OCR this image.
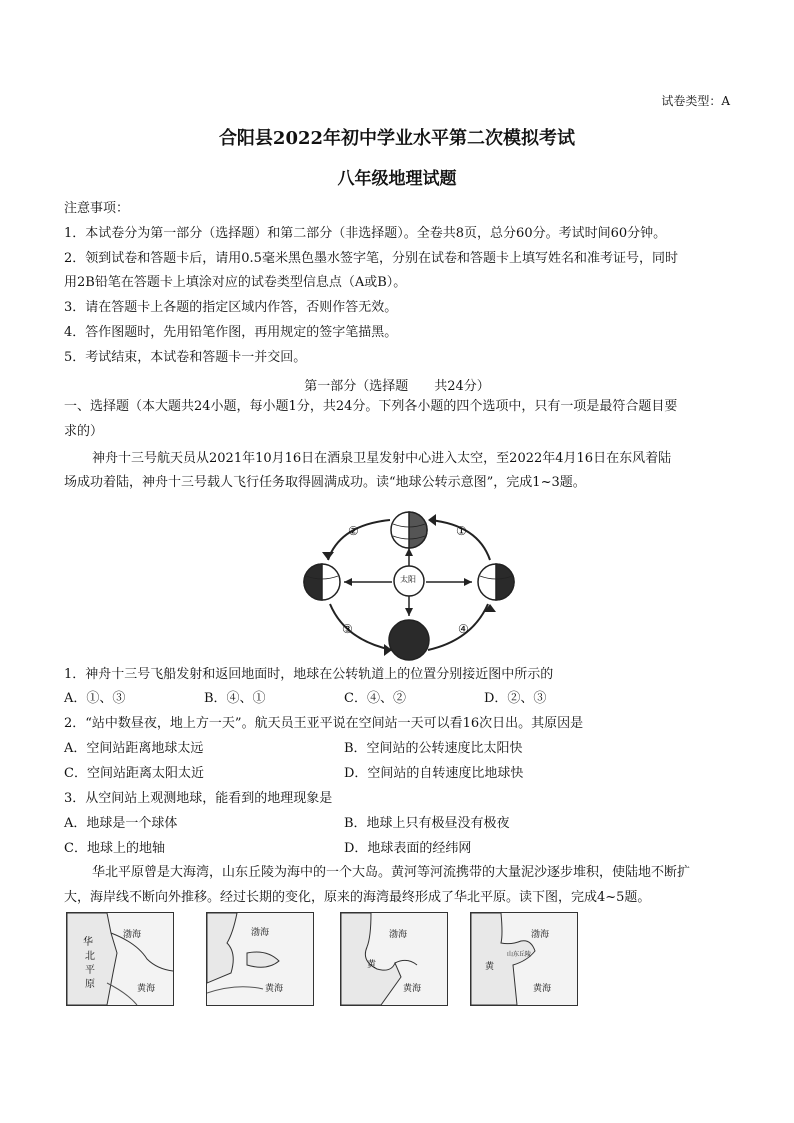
试卷类型：A
合阳县2022年初中学业水平第二次模拟考试
八年级地理试题
注意事项：
1．本试卷分为第一部分（选择题）和第二部分（非选择题）。全卷共8页，总分60分。考试时间60分钟。
2．领到试卷和答题卡后，请用0.5毫米黑色墨水签字笔，分别在试卷和答题卡上填写姓名和准考证号，同时
用2B铅笔在答题卡上填涂对应的试卷类型信息点（A或B）。
3．请在答题卡上各题的指定区域内作答，否则作答无效。
4．答作图题时，先用铅笔作图，再用规定的签字笔描黑。
5．考试结束，本试卷和答题卡一并交回。
第一部分（选择题　　共24分）
一、选择题（本大题共24小题，每小题1分，共24分。下列各小题的四个选项中，只有一项是最符合题目要
求的）
神舟十三号航天员从2021年10月16日在酒泉卫星发射中心进入太空，至2022年4月16日在东风着陆
场成功着陆，神舟十三号载人飞行任务取得圆满成功。读“地球公转示意图”，完成1~3题。
太阳
①
②
③	④
1．神舟十三号飞船发射和返回地面时，地球在公转轨道上的位置分别接近图中所示的
A．①、③	B．④、①	C．④、②	D．②、③
2．“站中数昼夜，地上方一天”。航天员王亚平说在空间站一天可以看16次日出。其原因是
A．空间站距离地球太远	B．空间站的公转速度比太阳快
C．空间站距离太阳太近	D．空间站的自转速度比地球快
3．从空间站上观测地球，能看到的地理现象是
A．地球是一个球体	B．地球上只有极昼没有极夜
C．地球上的地轴	D．地球表面的经纬网
华北平原曾是大海湾，山东丘陵为海中的一个大岛。黄河等河流携带的大量泥沙逐步堆积，使陆地不断扩
大，海岸线不断向外推移。经过长期的变化，原来的海湾最终形成了华北平原。读下图，完成4~5题。
华
北
平
原
渤海
黄海
渤海
黄海
渤海
黄
黄海
渤海
黄
山东丘陵
黄海
